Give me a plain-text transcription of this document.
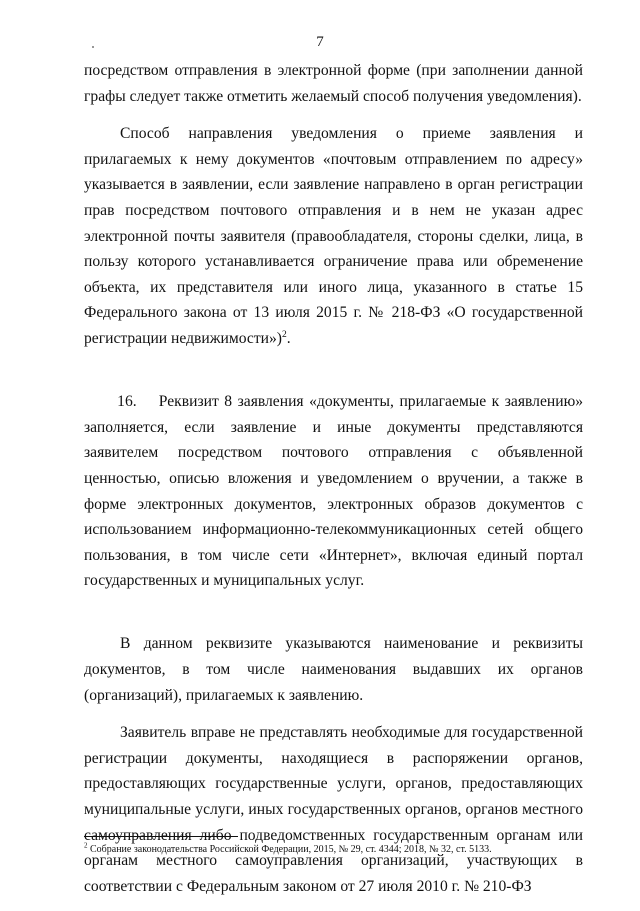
7

посредством отправления в электронной форме (при заполнении данной графы следует также отметить желаемый способ получения уведомления).

Способ направления уведомления о приеме заявления и прилагаемых к нему документов «почтовым отправлением по адресу» указывается в заявлении, если заявление направлено в орган регистрации прав посредством почтового отправления и в нем не указан адрес электронной почты заявителя (правообладателя, стороны сделки, лица, в пользу которого устанавливается ограничение права или обременение объекта, их представителя или иного лица, указанного в статье 15 Федерального закона от 13 июля 2015 г. № 218-ФЗ «О государственной регистрации недвижимости»)$^2$.

16.    Реквизит 8 заявления «документы, прилагаемые к заявлению» заполняется, если заявление и иные документы представляются заявителем посредством почтового отправления с объявленной ценностью, описью вложения и уведомлением о вручении, а также в форме электронных документов, электронных образов документов с использованием информационно-телекоммуникационных сетей общего пользования, в том числе сети «Интернет», включая единый портал государственных и муниципальных услуг.

В данном реквизите указываются наименование и реквизиты документов, в том числе наименования выдавших их органов (организаций), прилагаемых к заявлению.

Заявитель вправе не представлять необходимые для государственной регистрации документы, находящиеся в распоряжении органов, предоставляющих государственные услуги, органов, предоставляющих муниципальные услуги, иных государственных органов, органов местного самоуправления либо подведомственных государственным органам или органам местного самоуправления организаций, участвующих в соответствии с Федеральным законом от 27 июля 2010 г. № 210-ФЗ

$^2$ Собрание законодательства Российской Федерации, 2015, № 29, ст. 4344; 2018, № 32, ст. 5133.
